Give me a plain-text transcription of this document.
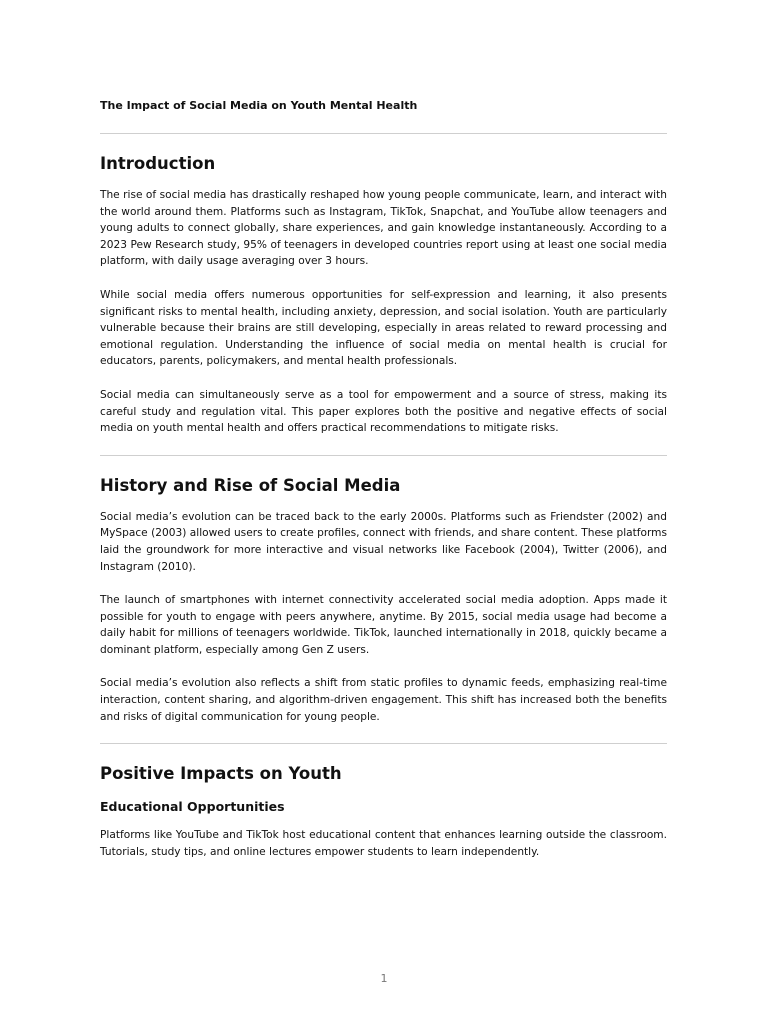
The Impact of Social Media on Youth Mental Health
Introduction

The rise of social media has drastically reshaped how young people communicate, learn, and interact with the world around them. Platforms such as Instagram, TikTok, Snapchat, and YouTube allow teenagers and young adults to connect globally, share experiences, and gain knowledge instantaneously. According to a 2023 Pew Research study, 95% of teenagers in developed countries report using at least one social media platform, with daily usage averaging over 3 hours.

While social media offers numerous opportunities for self-expression and learning, it also presents significant risks to mental health, including anxiety, depression, and social isolation. Youth are particularly vulnerable because their brains are still developing, especially in areas related to reward processing and emotional regulation. Understanding the influence of social media on mental health is crucial for educators, parents, policymakers, and mental health professionals.

Social media can simultaneously serve as a tool for empowerment and a source of stress, making its careful study and regulation vital. This paper explores both the positive and negative effects of social media on youth mental health and offers practical recommendations to mitigate risks.

History and Rise of Social Media

Social media’s evolution can be traced back to the early 2000s. Platforms such as Friendster (2002) and MySpace (2003) allowed users to create profiles, connect with friends, and share content. These platforms laid the groundwork for more interactive and visual networks like Facebook (2004), Twitter (2006), and Instagram (2010).

The launch of smartphones with internet connectivity accelerated social media adoption. Apps made it possible for youth to engage with peers anywhere, anytime. By 2015, social media usage had become a daily habit for millions of teenagers worldwide. TikTok, launched internationally in 2018, quickly became a dominant platform, especially among Gen Z users.

Social media’s evolution also reflects a shift from static profiles to dynamic feeds, emphasizing real-time interaction, content sharing, and algorithm-driven engagement. This shift has increased both the benefits and risks of digital communication for young people.

Positive Impacts on Youth
Educational Opportunities

Platforms like YouTube and TikTok host educational content that enhances learning outside the classroom. Tutorials, study tips, and online lectures empower students to learn independently.

1
